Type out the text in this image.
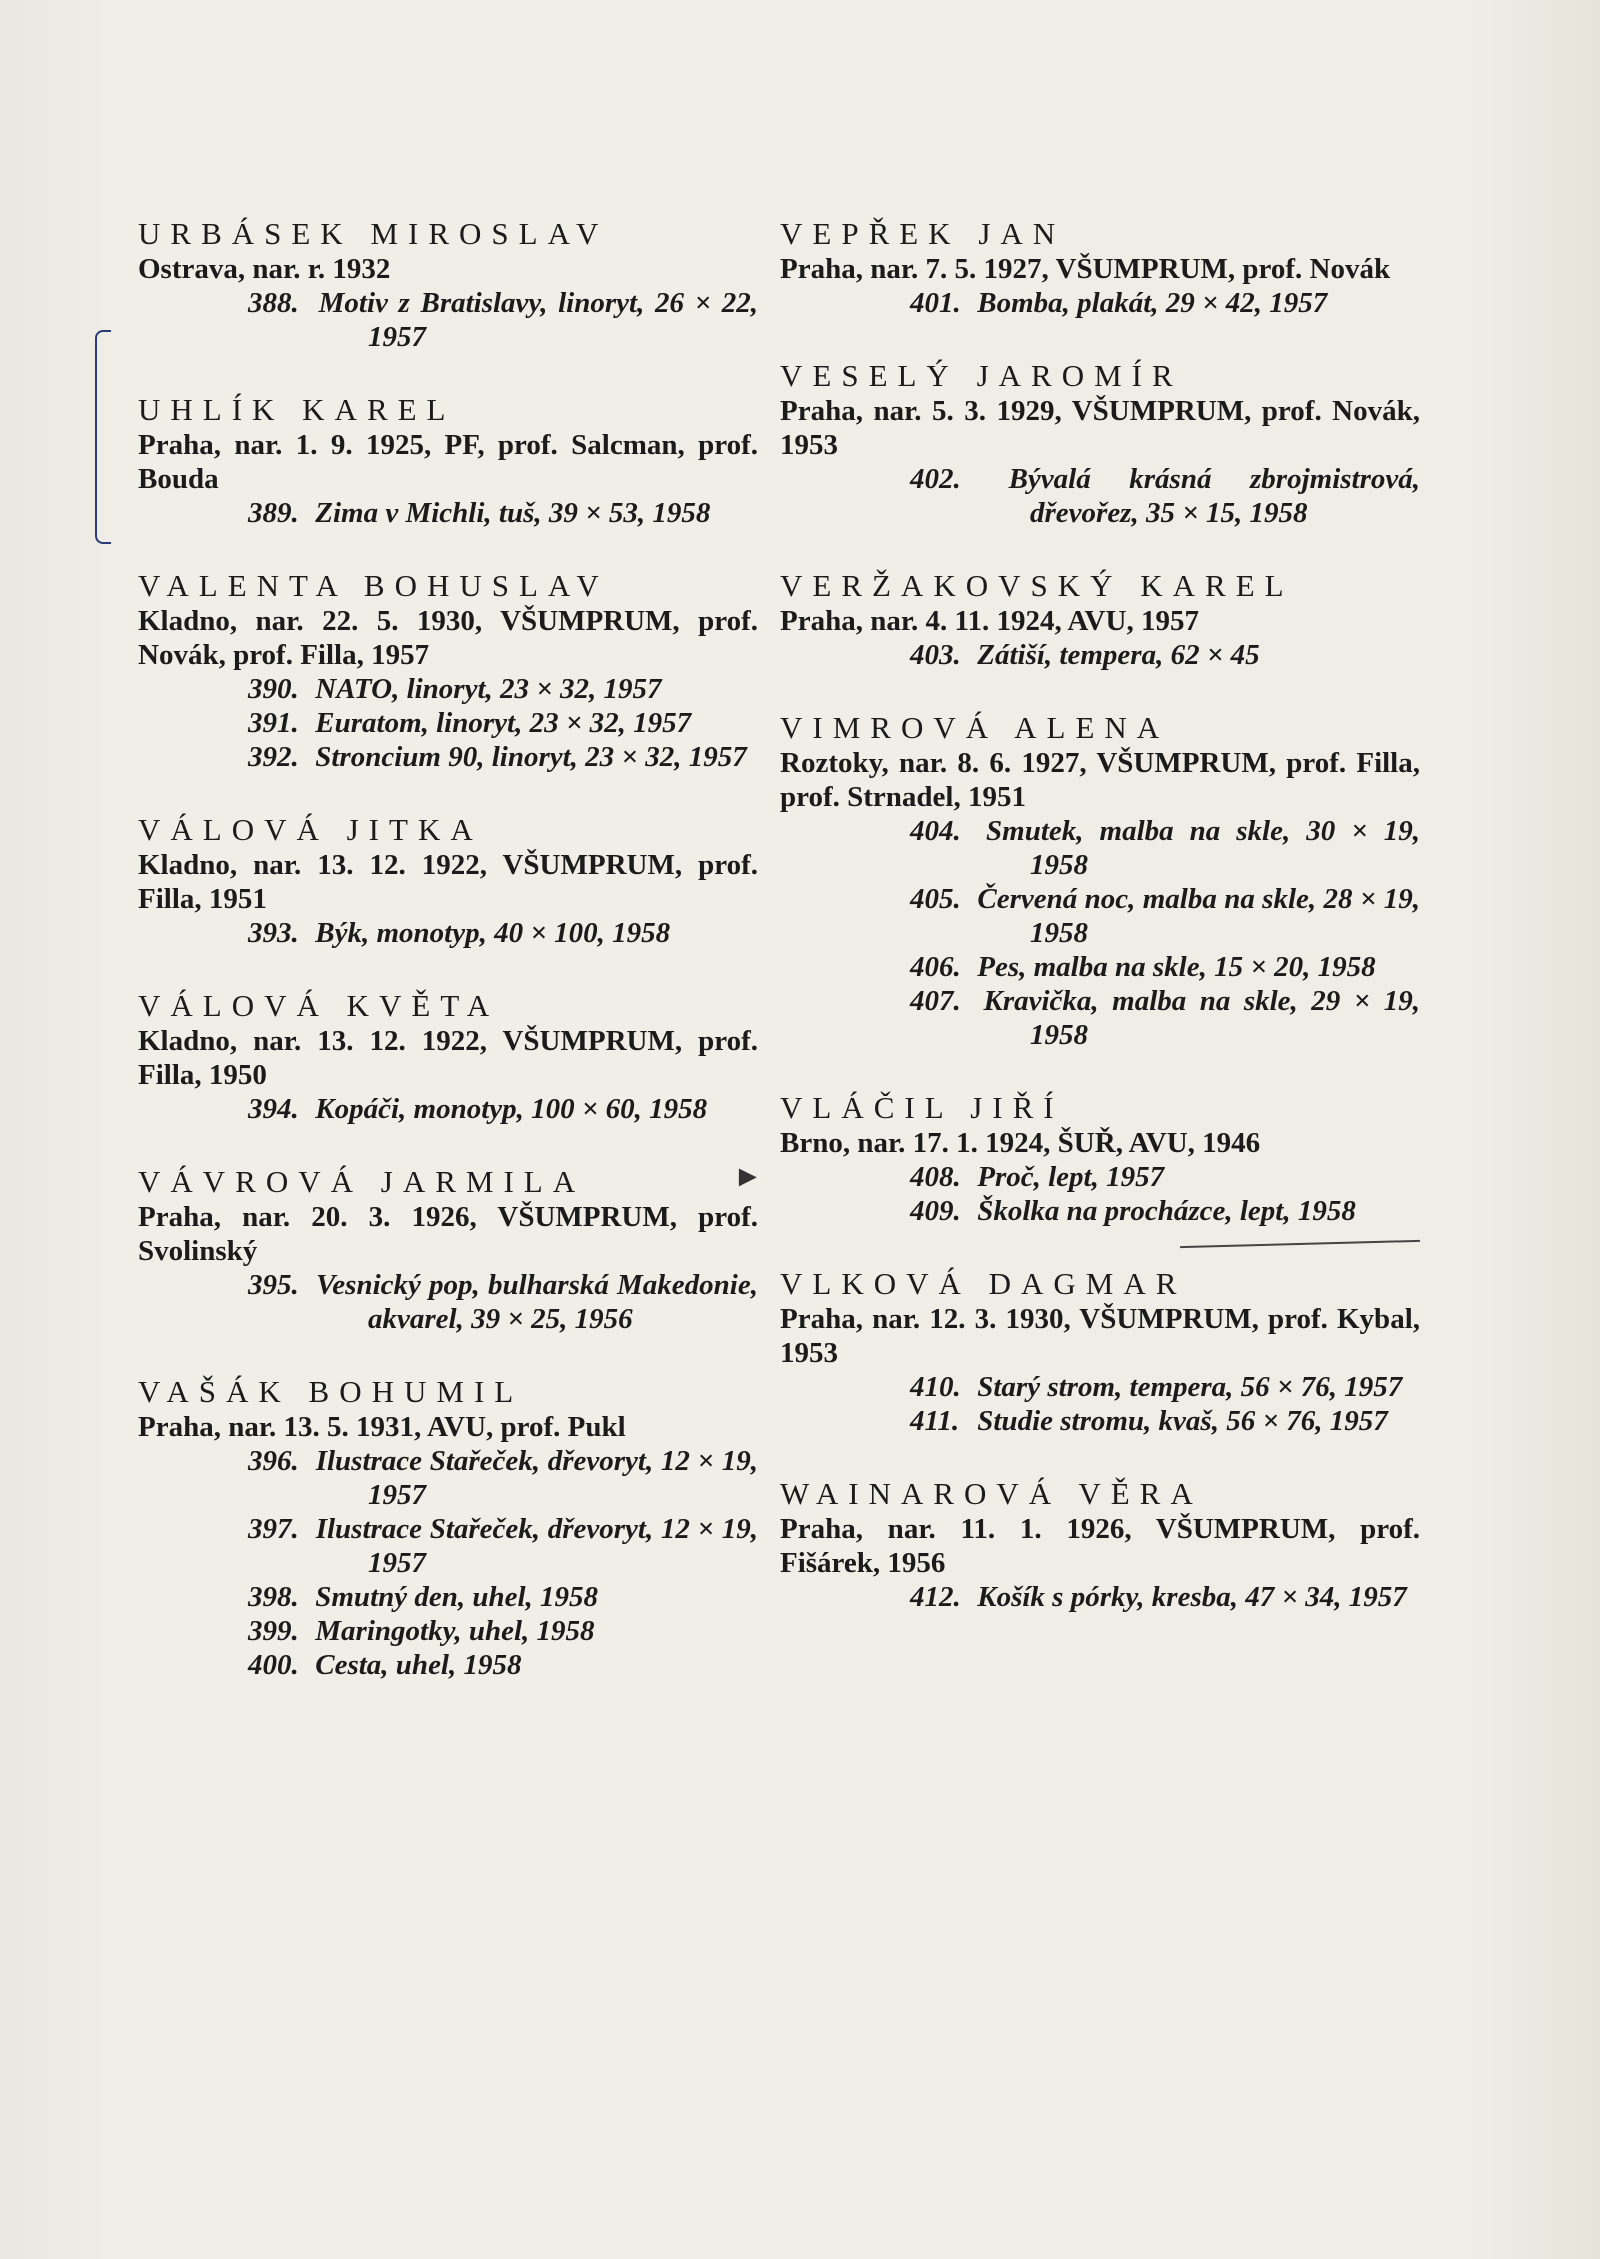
►
URBÁSEK MIROSLAV
Ostrava, nar. r. 1932
388. Motiv z Bratislavy, linoryt, 26 × 22, 1957
UHLÍK KAREL
Praha, nar. 1. 9. 1925, PF, prof. Salcman, prof. Bouda
389. Zima v Michli, tuš, 39 × 53, 1958
VALENTA BOHUSLAV
Kladno, nar. 22. 5. 1930, VŠUMPRUM, prof. Novák, prof. Filla, 1957
390. NATO, linoryt, 23 × 32, 1957
391. Euratom, linoryt, 23 × 32, 1957
392. Stroncium 90, linoryt, 23 × 32, 1957
VÁLOVÁ JITKA
Kladno, nar. 13. 12. 1922, VŠUMPRUM, prof. Filla, 1951
393. Býk, monotyp, 40 × 100, 1958
VÁLOVÁ KVĚTA
Kladno, nar. 13. 12. 1922, VŠUMPRUM, prof. Filla, 1950
394. Kopáči, monotyp, 100 × 60, 1958
VÁVROVÁ JARMILA
Praha, nar. 20. 3. 1926, VŠUMPRUM, prof. Svolinský
395. Vesnický pop, bulharská Makedonie, akvarel, 39 × 25, 1956
VAŠÁK BOHUMIL
Praha, nar. 13. 5. 1931, AVU, prof. Pukl
396. Ilustrace Stařeček, dřevoryt, 12 × 19, 1957
397. Ilustrace Stařeček, dřevoryt, 12 × 19, 1957
398. Smutný den, uhel, 1958
399. Maringotky, uhel, 1958
400. Cesta, uhel, 1958
VEPŘEK JAN
Praha, nar. 7. 5. 1927, VŠUMPRUM, prof. Novák
401. Bomba, plakát, 29 × 42, 1957
VESELÝ JAROMÍR
Praha, nar. 5. 3. 1929, VŠUMPRUM, prof. Novák, 1953
402. Bývalá krásná zbrojmistrová, dřevořez, 35 × 15, 1958
VERŽAKOVSKÝ KAREL
Praha, nar. 4. 11. 1924, AVU, 1957
403. Zátiší, tempera, 62 × 45
VIMROVÁ ALENA
Roztoky, nar. 8. 6. 1927, VŠUMPRUM, prof. Filla, prof. Strnadel, 1951
404. Smutek, malba na skle, 30 × 19, 1958
405. Červená noc, malba na skle, 28 × 19, 1958
406. Pes, malba na skle, 15 × 20, 1958
407. Kravička, malba na skle, 29 × 19, 1958
VLÁČIL JIŘÍ
Brno, nar. 17. 1. 1924, ŠUŘ, AVU, 1946
408. Proč, lept, 1957
409. Školka na procházce, lept, 1958
VLKOVÁ DAGMAR
Praha, nar. 12. 3. 1930, VŠUMPRUM, prof. Kybal, 1953
410. Starý strom, tempera, 56 × 76, 1957
411. Studie stromu, kvaš, 56 × 76, 1957
WAINAROVÁ VĚRA
Praha, nar. 11. 1. 1926, VŠUMPRUM, prof. Fišárek, 1956
412. Košík s pórky, kresba, 47 × 34, 1957
